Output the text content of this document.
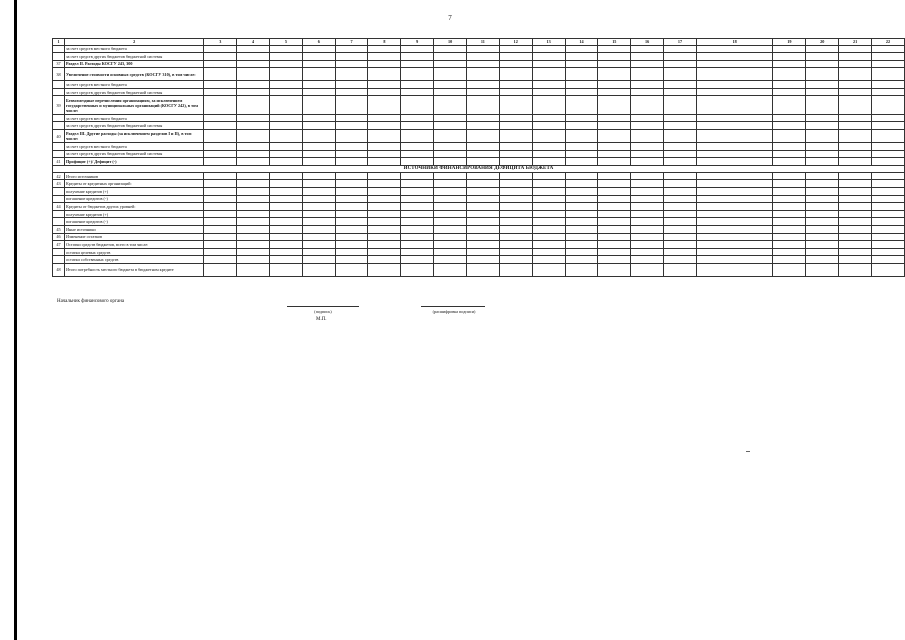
7
1	2	3	4	5	6	7	8	9	10	11	12	13	14	15	16	17	18	19	20	21	22
	за счет средств местного бюджета																				
	за счет средств других бюджетов бюджетной системы																				
37	Раздел II. Расходы КОСГУ 243, 300																				
38	Увеличение стоимости основных средств (КОСГУ 310), в том числе:																				
	за счет средств местного бюджета																				
	за счет средств других бюджетов бюджетной системы																				
39	Безвозмездные перечисления организациям, за исключением государственных и муниципальных организаций (КОСГУ 242), в том числе:																				
	за счет средств местного бюджета																				
	за счет средств других бюджетов бюджетной системы																				
40	Раздел III. Другие расходы (за исключением разделов I и II), в том числе:																				
	за счет средств местного бюджета																				
	за счет средств других бюджетов бюджетной системы																				
41	Профицит (+)/ Дефицит (-)																				
ИСТОЧНИКИ ФИНАНСИРОВАНИЯ ДЕФИЦИТА БЮДЖЕТА																					
42	Итого источников																				
43	Кредиты от кредитных организаций:																				
	получение кредитов (+)																				
	погашение кредитов (-)																				
44	Кредиты от бюджетов других уровней:																				
	получение кредитов (+)																				
	погашение кредитов (-)																				
45	Иные источники																				
46	Изменение остатков																				
47	Остатки средств бюджетов, всего в том числе:																				
	остатки целевых средств																				
	остатки собственных средств																				
48	Итого потребность местного бюджета в бюджетном кредите																				
Начальник финансового органа
(подпись)	(расшифровка подписи)
М.П.
